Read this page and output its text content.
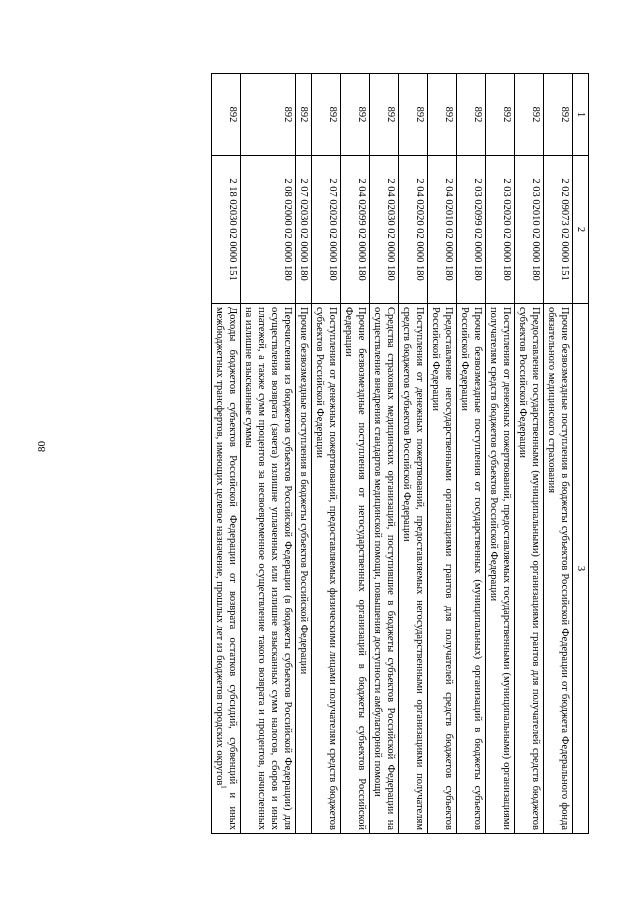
80
1	2	3
892	2 02 09073 02 0000 151	Прочие безвозмездные поступления в бюджеты субъектов Российской Федерации от бюджета Федерального фонда обязательного медицинского страхования
892	2 03 02010 02 0000 180	Предоставление государственными (муниципальными) организациями грантов для получателей средств бюджетов субъектов Российской Федерации
892	2 03 02020 02 0000 180	Поступления от денежных пожертвований, предоставляемых государственными (муниципальными) организациями получателям средств бюджетов субъектов Российской Федерации
892	2 03 02099 02 0000 180	Прочие безвозмездные поступления от государственных (муниципальных) организаций в бюджеты субъектов Российской Федерации
892	2 04 02010 02 0000 180	Предоставление негосударственными организациями грантов для получателей средств бюджетов субъектов Российской Федерации
892	2 04 02020 02 0000 180	Поступления от денежных пожертвований, предоставляемых негосударственными организациями получателям средств бюджетов субъектов Российской Федерации
892	2 04 02030 02 0000 180	Средства страховых медицинских организаций, поступившие в бюджеты субъектов Российской Федерации на осуществление внедрения стандартов медицинской помощи, повышения доступности амбулаторной помощи
892	2 04 02099 02 0000 180	Прочие безвозмездные поступления от негосударственных организаций в бюджеты субъектов Российской Федерации
892	2 07 02020 02 0000 180	Поступления от денежных пожертвований, предоставляемых физическими лицами получателям средств бюджетов субъектов Российской Федерации
892	2 07 02030 02 0000 180	Прочие безвозмездные поступления в бюджеты субъектов Российской Федерации
892	2 08 02000 02 0000 180	Перечисления из бюджетов субъектов Российской Федерации (в бюджеты субъектов Российской Федерации) для осуществления возврата (зачета) излишне уплаченных или излишне взысканных сумм налогов, сборов и иных платежей, а также сумм процентов за несвоевременное осуществление такого возврата и процентов, начисленных на излишне взысканные суммы
892	2 18 02030 02 0000 151	Доходы бюджетов субъектов Российской Федерации от возврата остатков субсидий, субвенций и иных межбюджетных трансфертов, имеющих целевое назначение, прошлых лет из бюджетов городских округов$^1$
